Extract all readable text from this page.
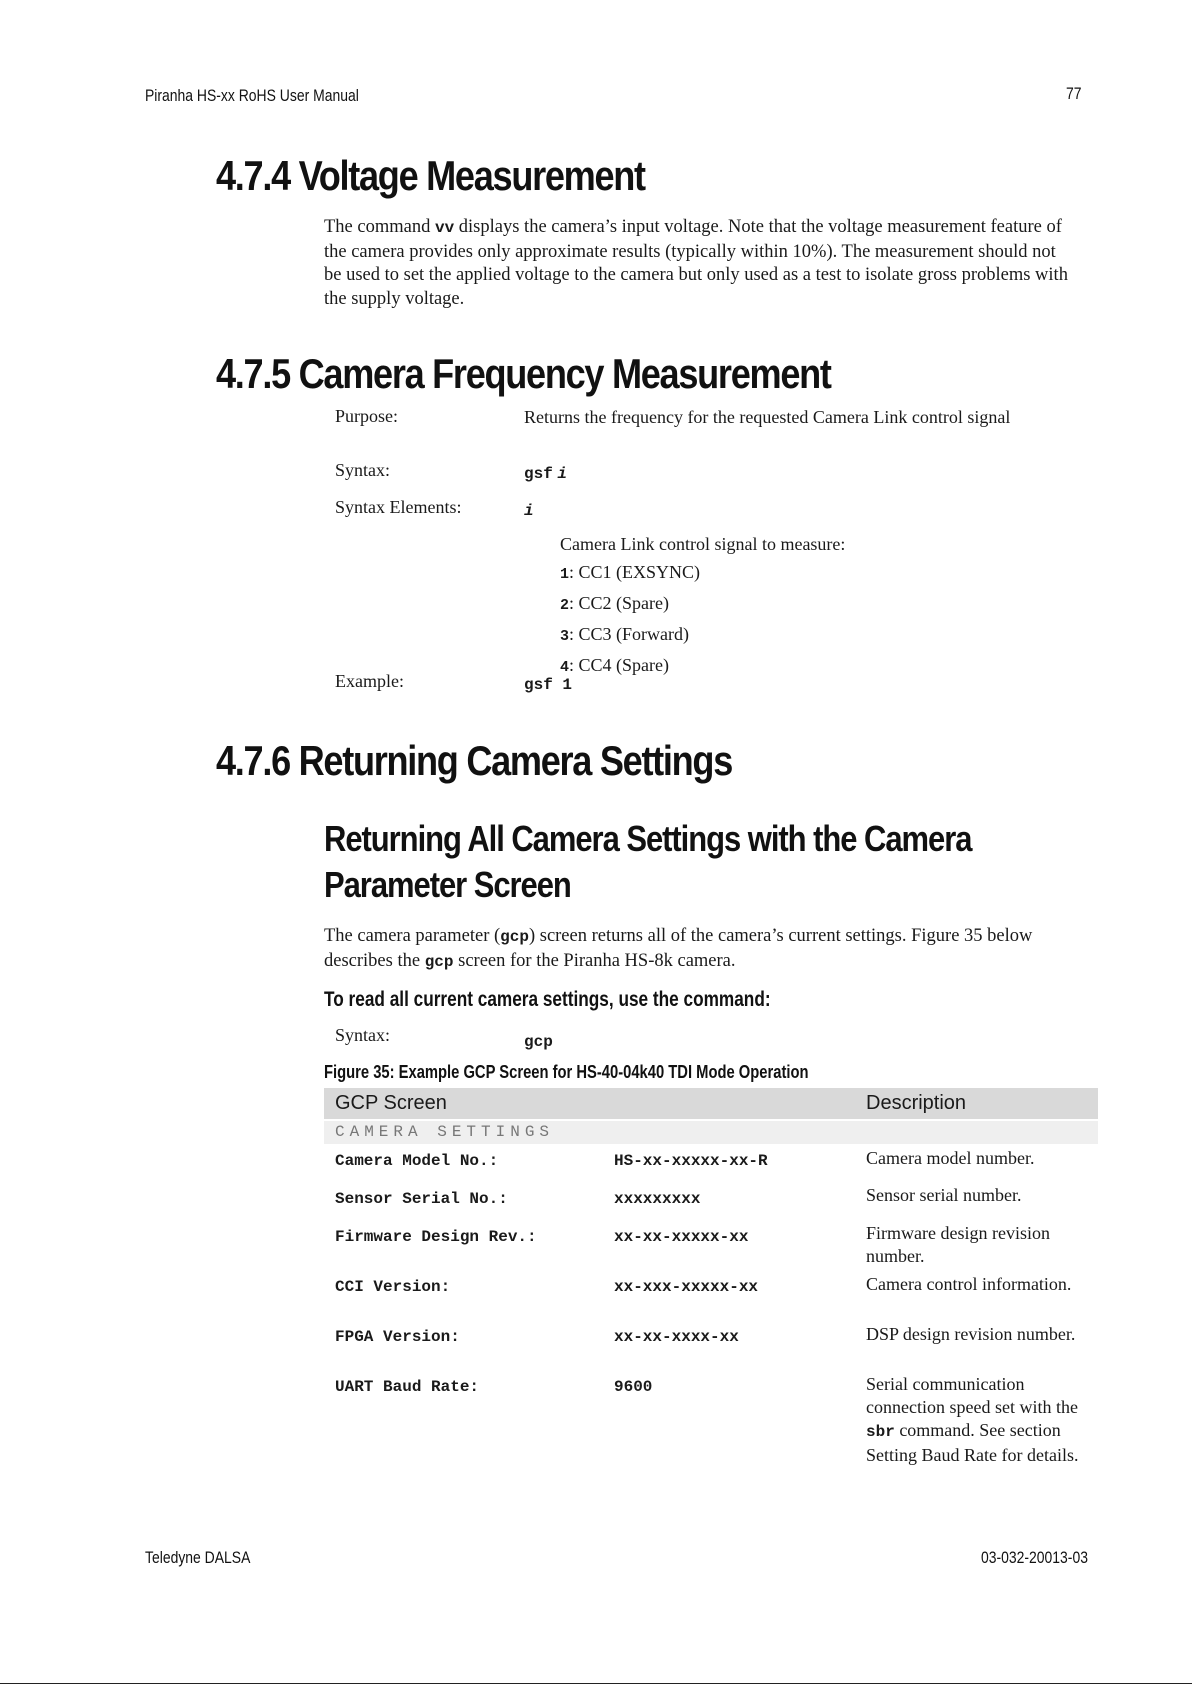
Piranha HS-xx RoHS User Manual	77
4.7.4 Voltage Measurement

The command vv displays the camera’s input voltage. Note that the voltage measurement feature of the camera provides only approximate results (typically within 10%). The measurement should not be used to set the applied voltage to the camera but only used as a test to isolate gross problems with the supply voltage.

4.7.5 Camera Frequency Measurement
Purpose:	Returns the frequency for the requested Camera Link control signal
Syntax:	gsf i
Syntax Elements:	i
Camera Link control signal to measure:
1: CC1 (EXSYNC)
2: CC2 (Spare)
3: CC3 (Forward)
4: CC4 (Spare)
Example:	gsf 1
4.7.6 Returning Camera Settings
Returning All Camera Settings with the Camera
Parameter Screen

The camera parameter (gcp) screen returns all of the camera’s current settings. Figure 35 below describes the gcp screen for the Piranha HS-8k camera.

To read all current camera settings, use the command:
Syntax:	gcp
Figure 35: Example GCP Screen for HS-40-04k40 TDI Mode Operation
GCP Screen	Description
CAMERA SETTINGS
Camera Model No.:	HS-xx-xxxxx-xx-R	Camera model number.
Sensor Serial No.:	xxxxxxxxx	Sensor serial number.
Firmware Design Rev.:	xx-xx-xxxxx-xx	Firmware design revision number.
CCI Version:	xx-xxx-xxxxx-xx	Camera control information.
FPGA Version:	xx-xx-xxxx-xx	DSP design revision number.
UART Baud Rate:	9600	Serial communication connection speed set with the sbr command. See section Setting Baud Rate for details.
Teledyne DALSA	03-032-20013-03
